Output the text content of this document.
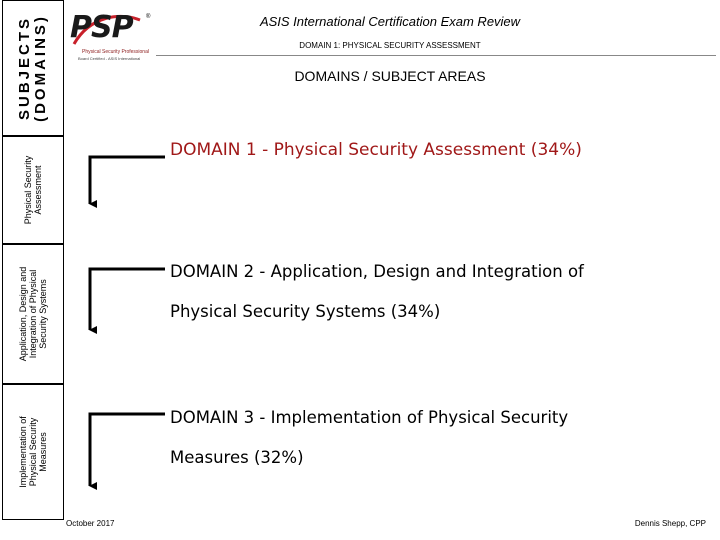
SUBJECTS (DOMAINS)
Physical Security Assessment
Application, Design and Integration of Physical Security Systems
Implementation of Physical Security Measures
PSP ®
Physical Security Professional
Board Certified - ASIS International
ASIS International Certification Exam Review
DOMAIN 1: PHYSICAL SECURITY ASSESSMENT
DOMAINS / SUBJECT AREAS
DOMAIN 1 - Physical Security Assessment (34%)
DOMAIN 2 - Application, Design and Integration of
Physical Security Systems (34%)
DOMAIN 3 - Implementation of Physical Security
Measures (32%)
October 2017	Dennis Shepp, CPP
